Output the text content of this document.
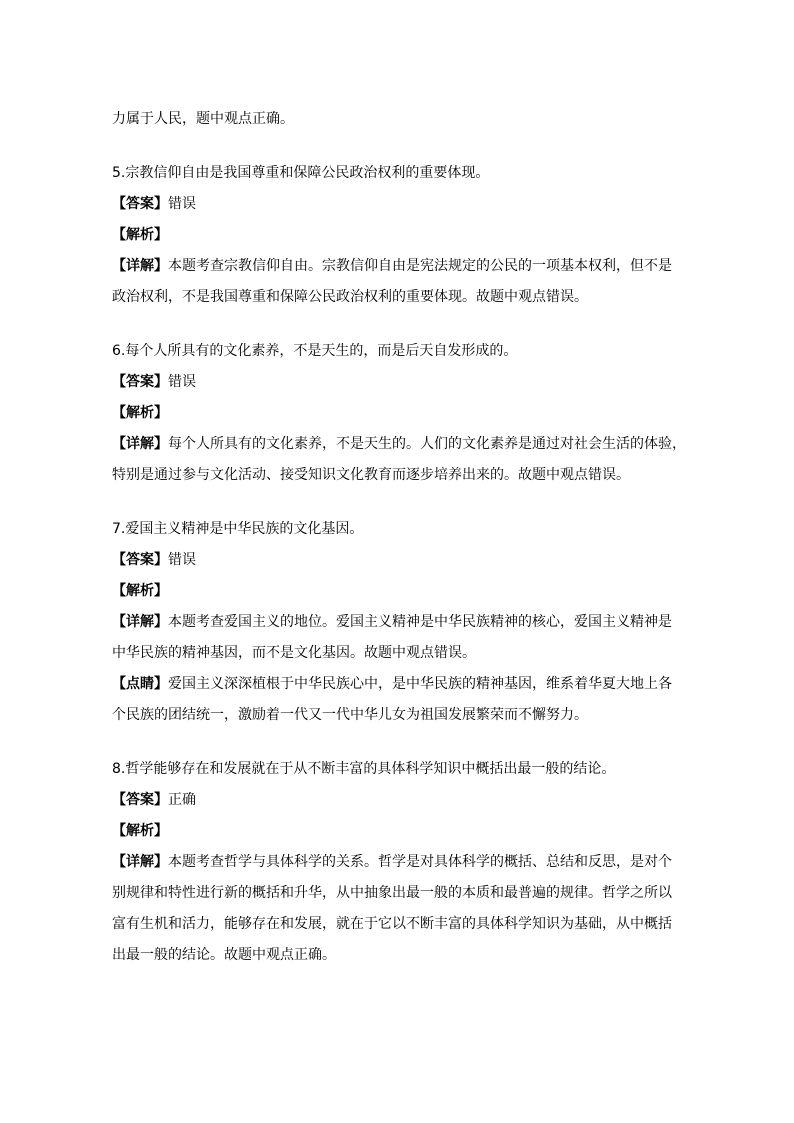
力属于人民，题中观点正确。

5.宗教信仰自由是我国尊重和保障公民政治权利的重要体现。

【答案】错误

【解析】

【详解】本题考查宗教信仰自由。宗教信仰自由是宪法规定的公民的一项基本权利，但不是

政治权利，不是我国尊重和保障公民政治权利的重要体现。故题中观点错误。

6.每个人所具有的文化素养，不是天生的，而是后天自发形成的。

【答案】错误

【解析】

【详解】每个人所具有的文化素养，不是天生的。人们的文化素养是通过对社会生活的体验，

特别是通过参与文化活动、接受知识文化教育而逐步培养出来的。故题中观点错误。

7.爱国主义精神是中华民族的文化基因。

【答案】错误

【解析】

【详解】本题考查爱国主义的地位。爱国主义精神是中华民族精神的核心，爱国主义精神是

中华民族的精神基因，而不是文化基因。故题中观点错误。

【点睛】爱国主义深深植根于中华民族心中，是中华民族的精神基因，维系着华夏大地上各

个民族的团结统一，激励着一代又一代中华儿女为祖国发展繁荣而不懈努力。

8.哲学能够存在和发展就在于从不断丰富的具体科学知识中概括出最一般的结论。

【答案】正确

【解析】

【详解】本题考查哲学与具体科学的关系。哲学是对具体科学的概括、总结和反思，是对个

别规律和特性进行新的概括和升华，从中抽象出最一般的本质和最普遍的规律。哲学之所以

富有生机和活力，能够存在和发展，就在于它以不断丰富的具体科学知识为基础，从中概括

出最一般的结论。故题中观点正确。
